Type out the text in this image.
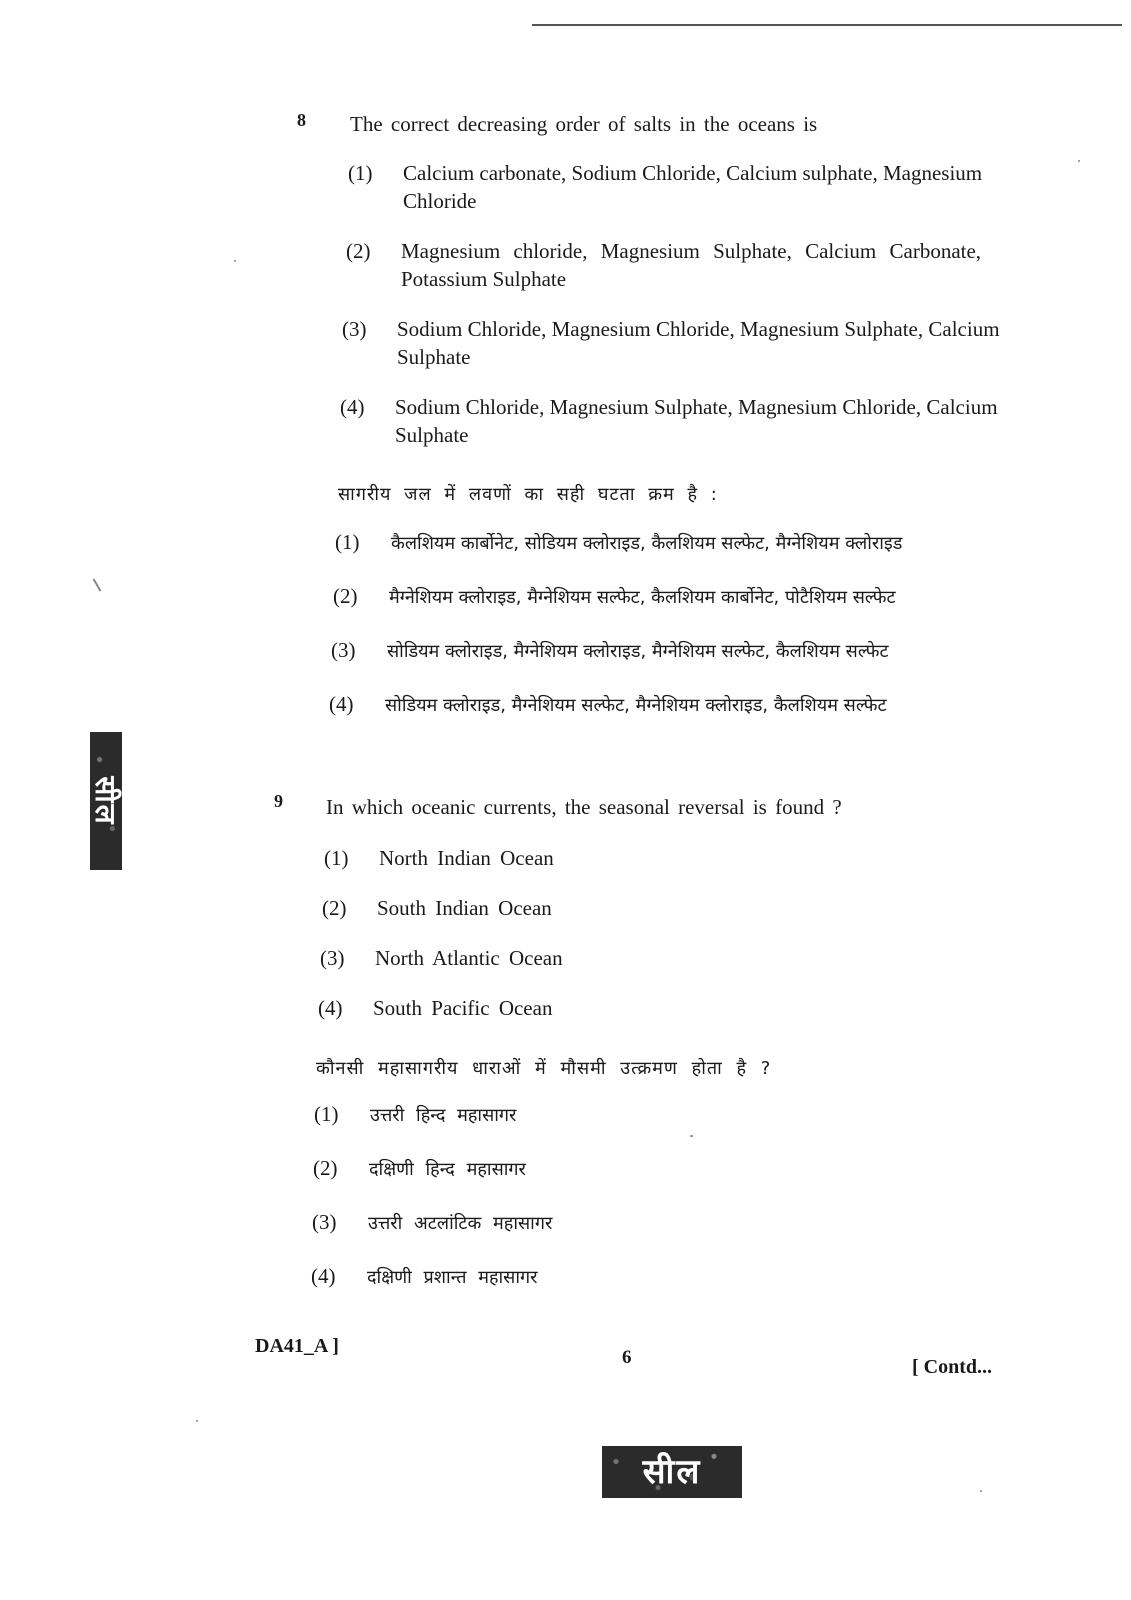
8 The correct decreasing order of salts in the oceans is
(1) Calcium carbonate, Sodium Chloride, Calcium sulphate, Magnesium
Chloride
(2) Magnesium chloride, Magnesium Sulphate, Calcium Carbonate,
Potassium Sulphate
(3) Sodium Chloride, Magnesium Chloride, Magnesium Sulphate, Calcium
Sulphate
(4) Sodium Chloride, Magnesium Sulphate, Magnesium Chloride, Calcium
Sulphate
सागरीय जल में लवणों का सही घटता क्रम है :
(1) कैलशियम कार्बोनेट, सोडियम क्लोराइड, कैलशियम सल्फेट, मैग्नेशियम क्लोराइड
(2) मैग्नेशियम क्लोराइड, मैग्नेशियम सल्फेट, कैलशियम कार्बोनेट, पोटैशियम सल्फेट
(3) सोडियम क्लोराइड, मैग्नेशियम क्लोराइड, मैग्नेशियम सल्फेट, कैलशियम सल्फेट
(4) सोडियम क्लोराइड, मैग्नेशियम सल्फेट, मैग्नेशियम क्लोराइड, कैलशियम सल्फेट
सील	9 In which oceanic currents, the seasonal reversal is found ?
(1) North Indian Ocean
(2) South Indian Ocean
(3) North Atlantic Ocean
(4) South Pacific Ocean
कौनसी महासागरीय धाराओं में मौसमी उत्क्रमण होता है ?
(1) उत्तरी हिन्द महासागर
(2) दक्षिणी हिन्द महासागर
(3) उत्तरी अटलांटिक महासागर
(4) दक्षिणी प्रशान्त महासागर
DA41_A ]
6	[ Contd...
सील
